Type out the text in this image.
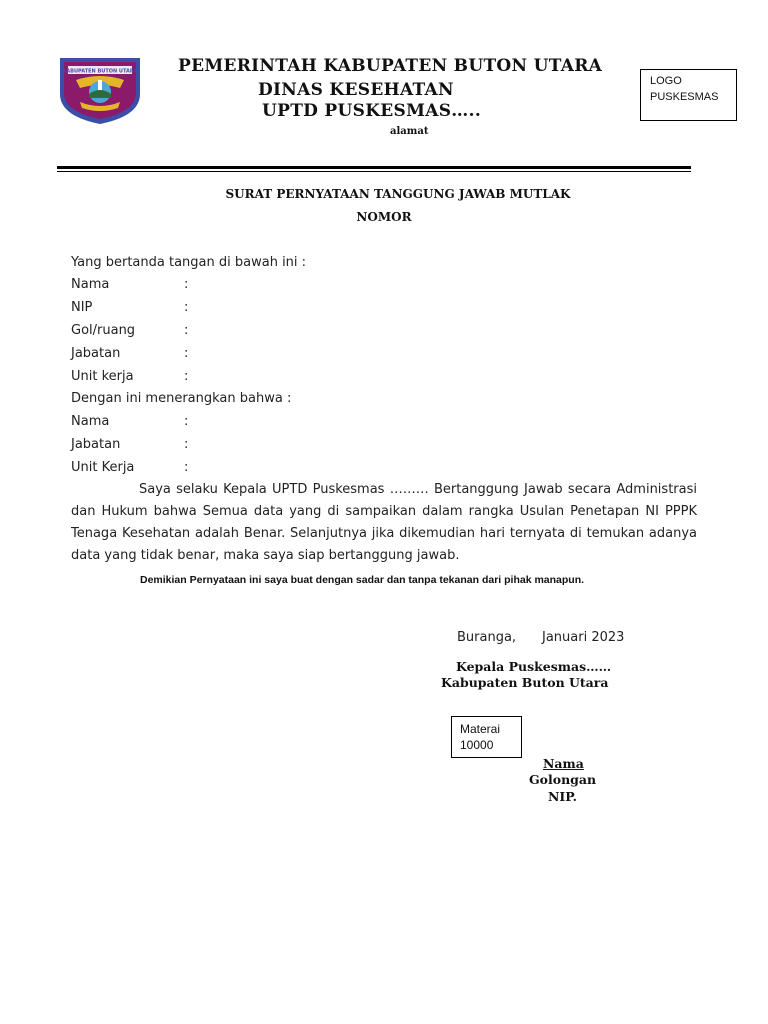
KABUPATEN BUTON UTARA PEMERINTAH KABUPATEN BUTON UTARA
DINAS KESEHATAN
UPTD PUSKESMAS…..
alamat
LOGO
PUSKESMAS
SURAT PERNYATAAN TANGGUNG JAWAB MUTLAK
NOMOR
Yang bertanda tangan di bawah ini :
Nama	:
NIP	:
Gol/ruang	:
Jabatan	:
Unit kerja	:
Dengan ini menerangkan bahwa :
Nama	:
Jabatan	:
Unit Kerja	:

Saya selaku Kepala UPTD Puskesmas ……… Bertanggung Jawab secara Administrasi dan Hukum bahwa Semua data yang di sampaikan dalam rangka Usulan Penetapan NI PPPK Tenaga Kesehatan adalah Benar. Selanjutnya jika dikemudian hari ternyata di temukan adanya data yang tidak benar, maka saya siap bertanggung jawab.

Demikian Pernyataan ini saya buat dengan sadar dan tanpa tekanan dari pihak manapun.
Buranga, Januari 2023
Kepala Puskesmas……
Kabupaten Buton Utara
Materai
10000
Nama
Golongan
NIP.
